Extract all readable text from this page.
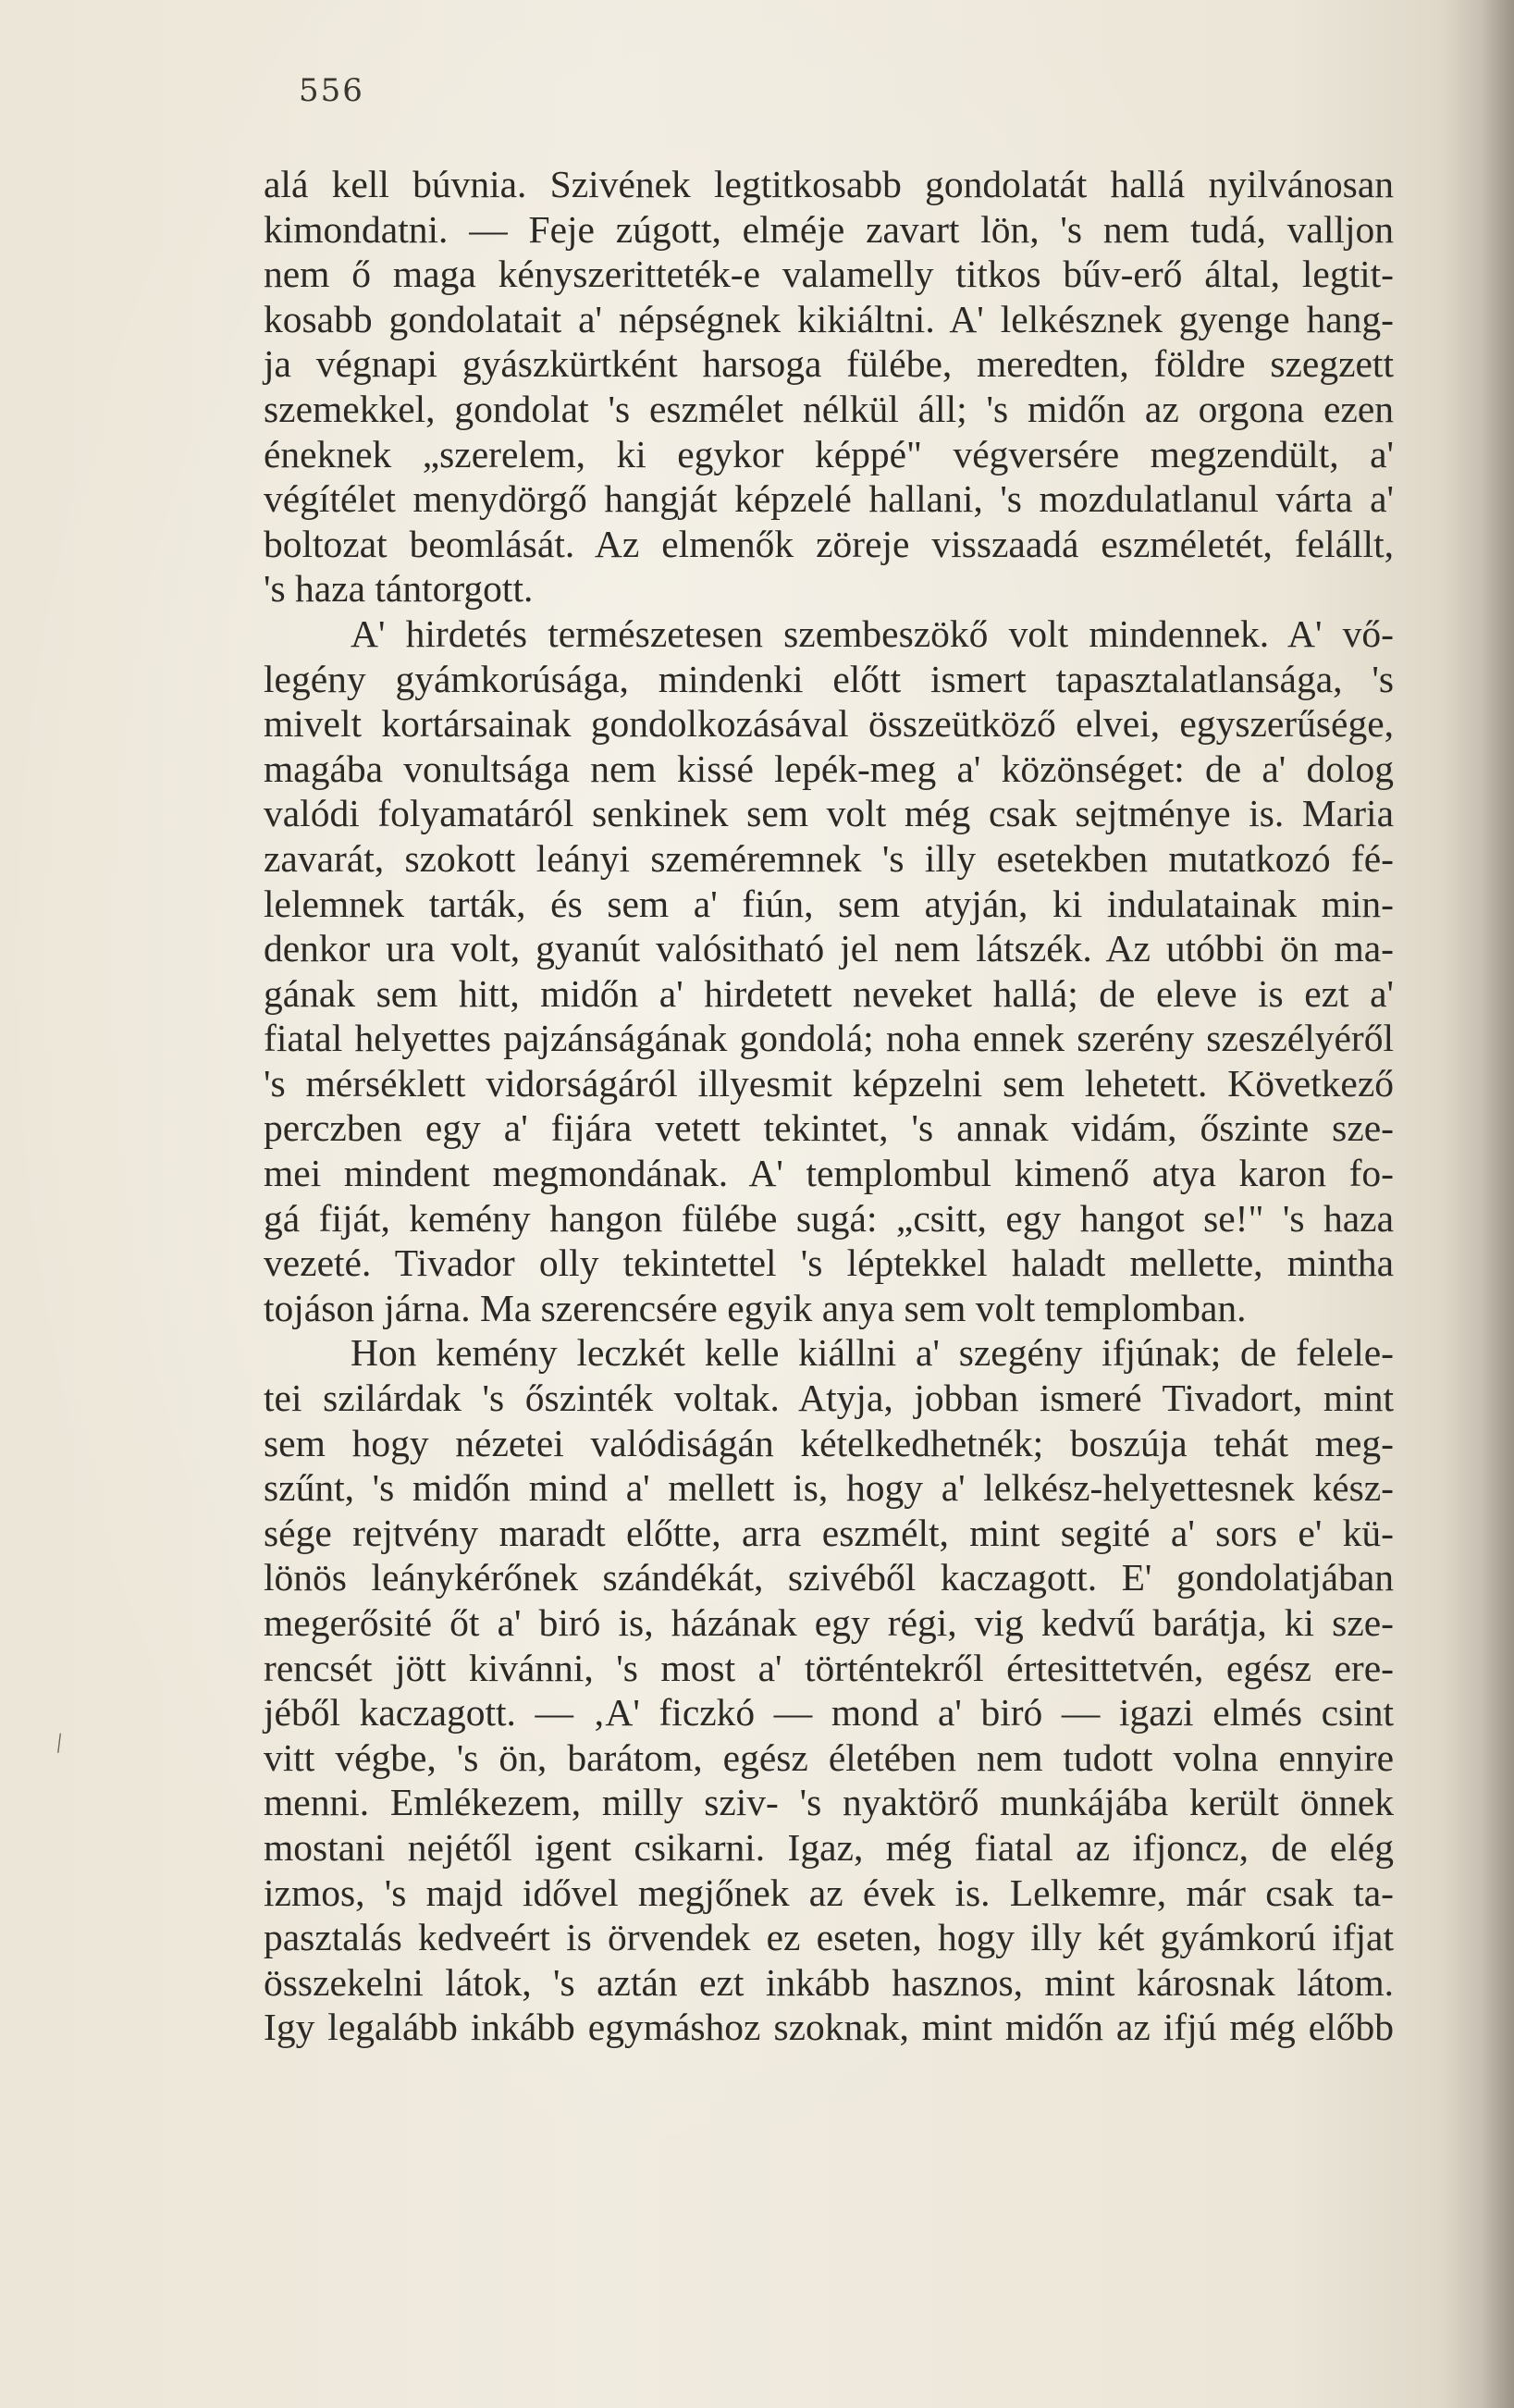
556
/
alá kell búvnia. Szivének legtitkosabb gondolatát hallá nyilvánosan
kimondatni. — Feje zúgott, elméje zavart lön, 's nem tudá, valljon
nem ő maga kényszeritteték-e valamelly titkos bűv-erő által, legtit-
kosabb gondolatait a' népségnek kikiáltni. A' lelkésznek gyenge hang-
ja végnapi gyászkürtként harsoga fülébe, meredten, földre szegzett
szemekkel, gondolat 's eszmélet nélkül áll; 's midőn az orgona ezen
éneknek „szerelem, ki egykor képpé" végversére megzendült, a'
végítélet menydörgő hangját képzelé hallani, 's mozdulatlanul várta a'
boltozat beomlását. Az elmenők zöreje visszaadá eszméletét, felállt,
's haza tántorgott.
A' hirdetés természetesen szembeszökő volt mindennek. A' vő-
legény gyámkorúsága, mindenki előtt ismert tapasztalatlansága, 's
mivelt kortársainak gondolkozásával összeütköző elvei, egyszerűsége,
magába vonultsága nem kissé lepék-meg a' közönséget: de a' dolog
valódi folyamatáról senkinek sem volt még csak sejtménye is. Maria
zavarát, szokott leányi szeméremnek 's illy esetekben mutatkozó fé-
lelemnek tarták, és sem a' fiún, sem atyján, ki indulatainak min-
denkor ura volt, gyanút valósitható jel nem látszék. Az utóbbi ön ma-
gának sem hitt, midőn a' hirdetett neveket hallá; de eleve is ezt a'
fiatal helyettes pajzánságának gondolá; noha ennek szerény szeszélyéről
's mérséklett vidorságáról illyesmit képzelni sem lehetett. Következő
perczben egy a' fijára vetett tekintet, 's annak vidám, őszinte sze-
mei mindent megmondának. A' templombul kimenő atya karon fo-
gá fiját, kemény hangon fülébe sugá: „csitt, egy hangot se!" 's haza
vezeté. Tivador olly tekintettel 's léptekkel haladt mellette, mintha
tojáson járna. Ma szerencsére egyik anya sem volt templomban.
Hon kemény leczkét kelle kiállni a' szegény ifjúnak; de felele-
tei szilárdak 's őszinték voltak. Atyja, jobban ismeré Tivadort, mint
sem hogy nézetei valódiságán kételkedhetnék; boszúja tehát meg-
szűnt, 's midőn mind a' mellett is, hogy a' lelkész-helyettesnek kész-
sége rejtvény maradt előtte, arra eszmélt, mint segité a' sors e' kü-
lönös leánykérőnek szándékát, szivéből kaczagott. E' gondolatjában
megerősité őt a' biró is, házának egy régi, vig kedvű barátja, ki sze-
rencsét jött kivánni, 's most a' történtekről értesittetvén, egész ere-
jéből kaczagott. — ‚A' ficzkó — mond a' biró — igazi elmés csint
vitt végbe, 's ön, barátom, egész életében nem tudott volna ennyire
menni. Emlékezem, milly sziv- 's nyaktörő munkájába került önnek
mostani nejétől igent csikarni. Igaz, még fiatal az ifjoncz, de elég
izmos, 's majd idővel megjőnek az évek is. Lelkemre, már csak ta-
pasztalás kedveért is örvendek ez eseten, hogy illy két gyámkorú ifjat
összekelni látok, 's aztán ezt inkább hasznos, mint károsnak látom.
Igy legalább inkább egymáshoz szoknak, mint midőn az ifjú még előbb
